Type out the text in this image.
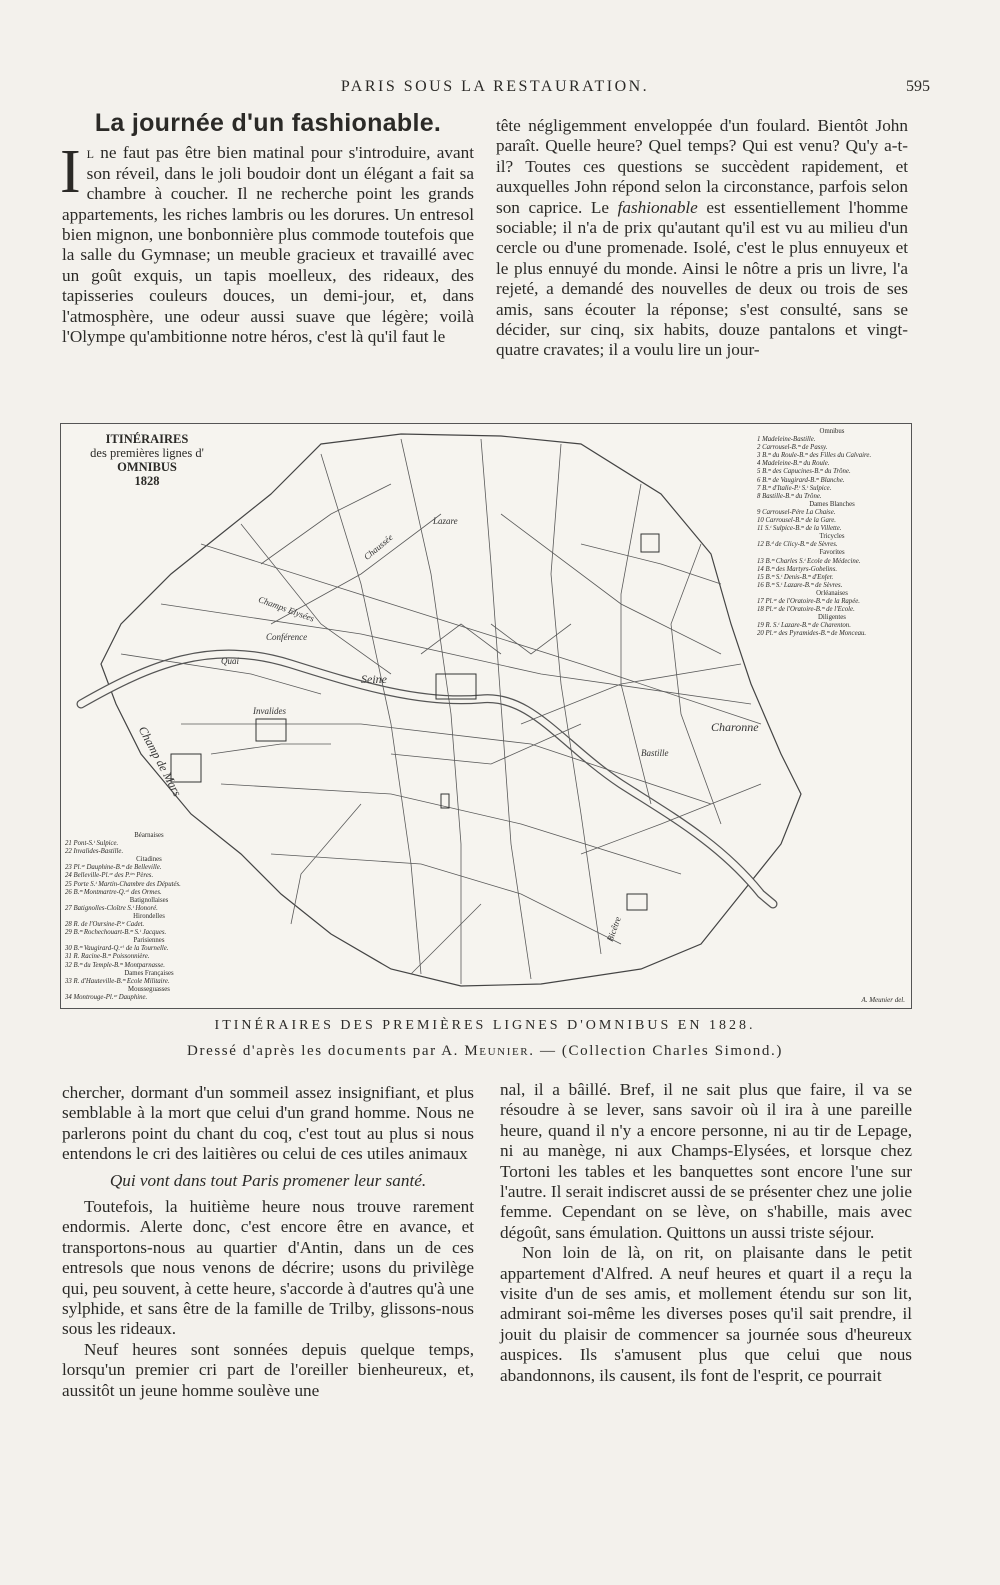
PARIS SOUS LA RESTAURATION.	595
La journée d'un fashionable.

Il ne faut pas être bien matinal pour s'introduire, avant son réveil, dans le joli boudoir dont un élégant a fait sa chambre à coucher. Il ne recherche point les grands appartements, les riches lambris ou les dorures. Un entresol bien mignon, une bonbonnière plus commode toutefois que la salle du Gymnase; un meuble gracieux et travaillé avec un goût exquis, un tapis moelleux, des rideaux, des tapisseries couleurs douces, un demi-jour, et, dans l'atmosphère, une odeur aussi suave que légère; voilà l'Olympe qu'ambitionne notre héros, c'est là qu'il faut le

tête négligemment enveloppée d'un foulard. Bientôt John paraît. Quelle heure? Quel temps? Qui est venu? Qu'y a-t-il? Toutes ces questions se succèdent rapidement, et auxquelles John répond selon la circonstance, parfois selon son caprice. Le fashionable est essentiellement l'homme sociable; il n'a de prix qu'autant qu'il est vu au milieu d'un cercle ou d'une promenade. Isolé, c'est le plus ennuyeux et le plus ennuyé du monde. Ainsi le nôtre a pris un livre, l'a rejeté, a demandé des nouvelles de deux ou trois de ses amis, sans écouter la réponse; s'est consulté, sans se décider, sur cinq, six habits, douze pantalons et vingt-quatre cravates; il a voulu lire un jour-

ITINÉRAIRES
des premières lignes d'
OMNIBUS
1828
Seine
Champ de Mars
Champs Elysées
Invalides
Conférence
Lazare
Bicêtre
Quai
Chaussée
Charonne
Bastille
Omnibus
1 Madeleine-Bastille.
2 Carrousel-B.ᵐ de Passy.
3 B.ᵐ du Roule-B.ᵐ des Filles du Calvaire.
4 Madeleine-B.ᵐ du Roule.
5 B.ᵐ des Capucines-B.ᵐ du Trône.
6 B.ᵐ de Vaugirard-B.ᵐ Blanche.
7 B.ᵐ d'Italie-P.ᵗ S.ᵗ Sulpice.
8 Bastille-B.ᵐ du Trône.
Dames Blanches
9 Carrousel-Pére La Chaise.
10 Carrousel-B.ᵐ de la Gare.
11 S.ᵗ Sulpice-B.ᵐ de la Villette.
Tricycles
12 B.ᵈ de Clicy-B.ᵐ de Sèvres.
Favorites
13 B.ᵐ Charles S.ᵗ Ecole de Médecine.
14 B.ᵐ des Martyrs-Gobelins.
15 B.ᵐ S.ᵗ Denis-B.ᵐ d'Enfer.
16 B.ᵐ S.ᵗ Lazare-B.ᵐ de Sèvres.
Orléanaises
17 Pl.ᶜᵉ de l'Oratoire-B.ᵐ de la Rapée.
18 Pl.ᶜᵉ de l'Oratoire-B.ᵐ de l'Ecole.
Diligentes
19 R. S.ᵗ Lazare-B.ᵐ de Charenton.
20 Pl.ᶜᵉ des Pyramides-B.ᵐ de Monceau.
Béarnaises
21 Pont-S.ᵗ Sulpice.
22 Invalides-Bastille.
Citadines
23 Pl.ᶜᵉ Dauphine-B.ᵐ de Belleville.
24 Belleville-Pl.ᶜᵉ des P.ᵗᵉˢ Pères.
25 Porte S.ᵗ Martin-Chambre des Députés.
26 B.ᵐ Montmartre-Q.ᵃⁱ des Ormes.
Batignollaises
27 Batignolles-Cloître S.ᵗ Honoré.
Hirondelles
28 R. de l'Oursine-P.ᵗᵉ Cadet.
29 B.ᵐ Rochechouart-B.ᵐ S.ᵗ Jacques.
Parisiennes
30 B.ᵐ Vaugirard-Q.ᵃⁱ de la Tournelle.
31 R. Racine-B.ᵐ Poissonnière.
32 B.ᵐ du Temple-B.ᵐ Montparnasse.
Dames Françaises
33 R. d'Hauteville-B.ᵐ Ecole Militaire.
Mousseguasses
34 Montrouge-Pl.ᶜᵉ Dauphine.	A. Meunier del.
ITINÉRAIRES DES PREMIÈRES LIGNES D'OMNIBUS EN 1828.
Dressé d'après les documents par A. Meunier. — (Collection Charles Simond.)

chercher, dormant d'un sommeil assez insignifiant, et plus semblable à la mort que celui d'un grand homme. Nous ne parlerons point du chant du coq, c'est tout au plus si nous entendons le cri des laitières ou celui de ces utiles animaux

Qui vont dans tout Paris promener leur santé.

Toutefois, la huitième heure nous trouve rarement endormis. Alerte donc, c'est encore être en avance, et transportons-nous au quartier d'Antin, dans un de ces entresols que nous venons de décrire; usons du privilège qui, peu souvent, à cette heure, s'accorde à d'autres qu'à une sylphide, et sans être de la famille de Trilby, glissons-nous sous les rideaux.

Neuf heures sont sonnées depuis quelque temps, lorsqu'un premier cri part de l'oreiller bienheureux, et, aussitôt un jeune homme soulève une

nal, il a bâillé. Bref, il ne sait plus que faire, il va se résoudre à se lever, sans savoir où il ira à une pareille heure, quand il n'y a encore personne, ni au tir de Lepage, ni au manège, ni aux Champs-Elysées, et lorsque chez Tortoni les tables et les banquettes sont encore l'une sur l'autre. Il serait indiscret aussi de se présenter chez une jolie femme. Cependant on se lève, on s'habille, mais avec dégoût, sans émulation. Quittons un aussi triste séjour.

Non loin de là, on rit, on plaisante dans le petit appartement d'Alfred. A neuf heures et quart il a reçu la visite d'un de ses amis, et mollement étendu sur son lit, admirant soi-même les diverses poses qu'il sait prendre, il jouit du plaisir de commencer sa journée sous d'heureux auspices. Ils s'amusent plus que celui que nous abandonnons, ils causent, ils font de l'esprit, ce pourrait
